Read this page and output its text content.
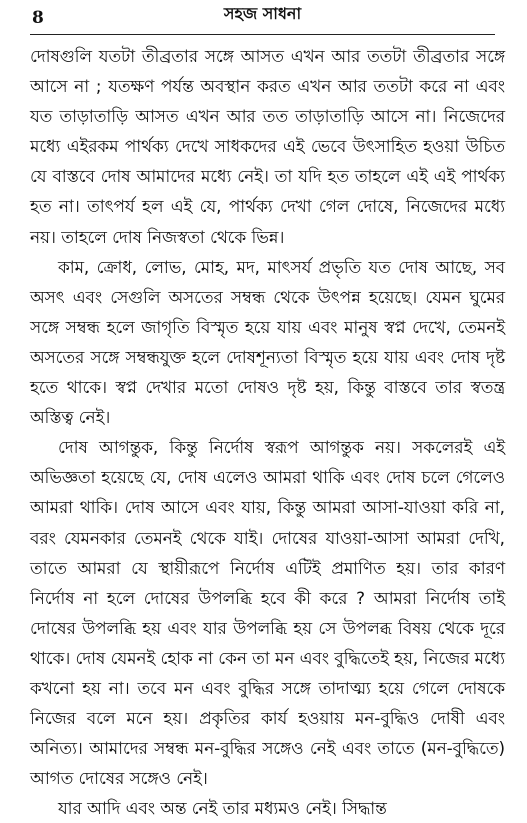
8	সহজ সাধনা

দোষগুলি যতটা তীব্রতার সঙ্গে আসত এখন আর ততটা তীব্রতার সঙ্গে আসে না ; যতক্ষণ পর্যন্ত অবস্থান করত এখন আর ততটা করে না এবং যত তাড়াতাড়ি আসত এখন আর তত তাড়াতাড়ি আসে না। নিজেদের মধ্যে এইরকম পার্থক্য দেখে সাধকদের এই ভেবে উৎসাহিত হওয়া উচিত যে বাস্তবে দোষ আমাদের মধ্যে নেই। তা যদি হত তাহলে এই এই পার্থক্য হত না। তাৎপর্য হল এই যে, পার্থক্য দেখা গেল দোষে, নিজেদের মধ্যে নয়। তাহলে দোষ নিজস্বতা থেকে ভিন্ন।

কাম, ক্রোধ, লোভ, মোহ, মদ, মাৎসর্য প্রভৃতি যত দোষ আছে, সব অসৎ এবং সেগুলি অসতের সম্বন্ধ থেকে উৎপন্ন হয়েছে। যেমন ঘুমের সঙ্গে সম্বন্ধ হলে জাগৃতি বিস্মৃত হয়ে যায় এবং মানুষ স্বপ্ন দেখে, তেমনই অসতের সঙ্গে সম্বন্ধযুক্ত হলে দোষশূন্যতা বিস্মৃত হয়ে যায় এবং দোষ দৃষ্ট হতে থাকে। স্বপ্ন দেখার মতো দোষও দৃষ্ট হয়, কিন্তু বাস্তবে তার স্বতন্ত্র অস্তিত্ব নেই।

দোষ আগন্তুক, কিন্তু নির্দোষ স্বরূপ আগন্তুক নয়। সকলেরই এই অভিজ্ঞতা হয়েছে যে, দোষ এলেও আমরা থাকি এবং দোষ চলে গেলেও আমরা থাকি। দোষ আসে এবং যায়, কিন্তু আমরা আসা-যাওয়া করি না, বরং যেমনকার তেমনই থেকে যাই। দোষের যাওয়া-আসা আমরা দেখি, তাতে আমরা যে স্থায়ীরূপে নির্দোষ এটিই প্রমাণিত হয়। তার কারণ নির্দোষ না হলে দোষের উপলব্ধি হবে কী করে ? আমরা নির্দোষ তাই দোষের উপলব্ধি হয় এবং যার উপলব্ধি হয় সে উপলব্ধ বিষয় থেকে দূরে থাকে। দোষ যেমনই হোক না কেন তা মন এবং বুদ্ধিতেই হয়, নিজের মধ্যে কখনো হয় না। তবে মন এবং বুদ্ধির সঙ্গে তাদাত্ম্য হয়ে গেলে দোষকে নিজের বলে মনে হয়। প্রকৃতির কার্য হওয়ায় মন-বুদ্ধিও দোষী এবং অনিত্য। আমাদের সম্বন্ধ মন-বুদ্ধির সঙ্গেও নেই এবং তাতে (মন-বুদ্ধিতে) আগত দোষের সঙ্গেও নেই।

যার আদি এবং অন্ত নেই তার মধ্যমও নেই। সিদ্ধান্ত
